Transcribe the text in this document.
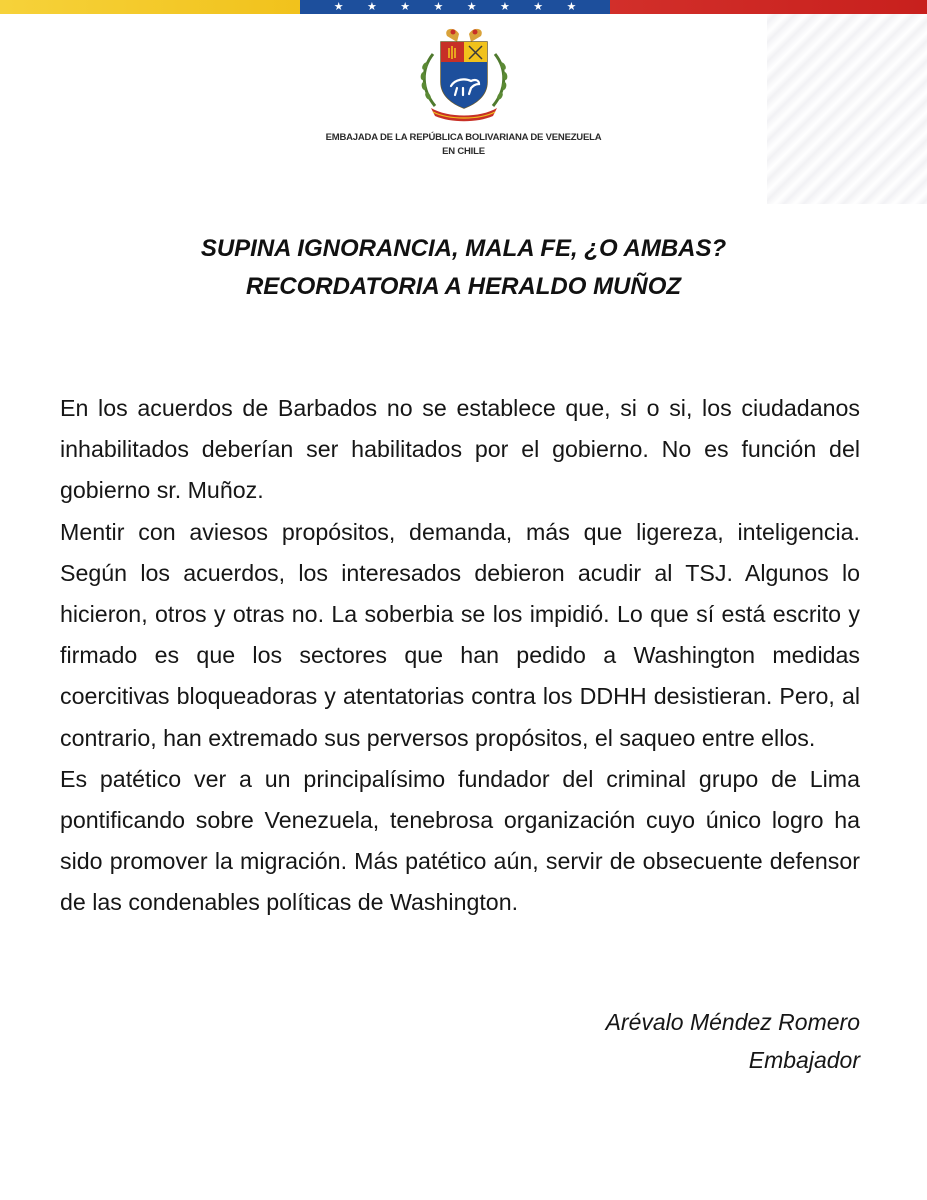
★ ★ ★ ★ ★ ★ ★ ★
EMBAJADA DE LA REPÚBLICA BOLIVARIANA DE VENEZUELA
EN CHILE
SUPINA IGNORANCIA, MALA FE, ¿O AMBAS?
RECORDATORIA A HERALDO MUÑOZ

En los acuerdos de Barbados no se establece que, si o si, los ciudadanos inhabilitados deberían ser habilitados por el gobierno. No es función del gobierno sr. Muñoz.

Mentir con aviesos propósitos, demanda, más que ligereza, inteligencia. Según los acuerdos, los interesados debieron acudir al TSJ. Algunos lo hicieron, otros y otras no. La soberbia se los impidió. Lo que sí está escrito y firmado es que los sectores que han pedido a Washington medidas coercitivas bloqueadoras y atentatorias contra los DDHH desistieran. Pero, al contrario, han extremado sus perversos propósitos, el saqueo entre ellos.

Es patético ver a un principalísimo fundador del criminal grupo de Lima pontificando sobre Venezuela, tenebrosa organización cuyo único logro ha sido promover la migración. Más patético aún, servir de obsecuente defensor de las condenables políticas de Washington.

Arévalo Méndez Romero
Embajador
